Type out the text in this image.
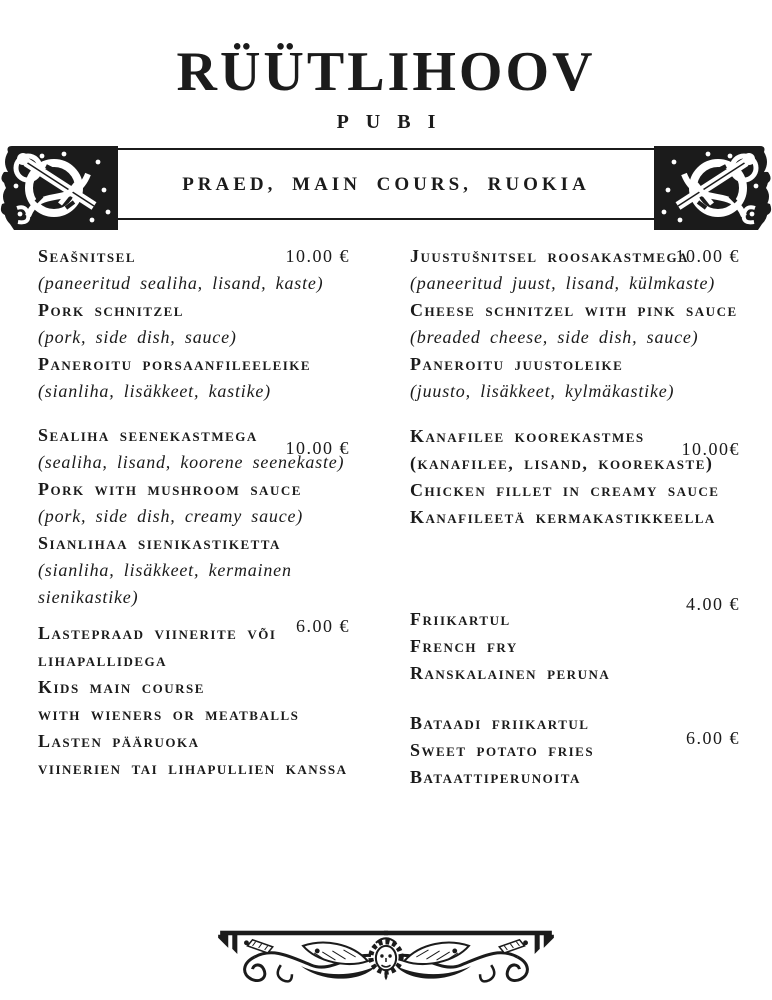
RÜÜTLIHOOV
PUBI
PRAED, MAIN COURS, RUOKIA
10.00 €
Seašnitsel
(paneeritud sealiha, lisand, kaste)
Pork schnitzel
(pork, side dish, sauce)
Paneroitu porsaanfileeleike
(sianliha, lisäkkeet, kastike)
10.00 €
Sealiha seenekastmega
(sealiha, lisand, koorene seenekaste)
Pork with mushroom sauce
(pork, side dish, creamy sauce)
Sianlihaa sienikastiketta
(sianliha, lisäkkeet, kermainen
sienikastike)
6.00 €
Lastepraad viinerite või
lihapallidega
Kids main course
with wieners or meatballs
Lasten pääruoka
viinerien tai lihapullien kanssa
10.00 €
Juustušnitsel roosakastmega
(paneeritud juust, lisand, külmkaste)
Cheese schnitzel with pink sauce
(breaded cheese, side dish, sauce)
Paneroitu juustoleike
(juusto, lisäkkeet, kylmäkastike)
10.00€
Kanafilee koorekastmes
(kanafilee, lisand, koorekaste)
Chicken fillet in creamy sauce
Kanafileetä kermakastikkeella
4.00 €
Friikartul
French fry
Ranskalainen peruna
6.00 €
Bataadi friikartul
Sweet potato fries
Bataattiperunoita
